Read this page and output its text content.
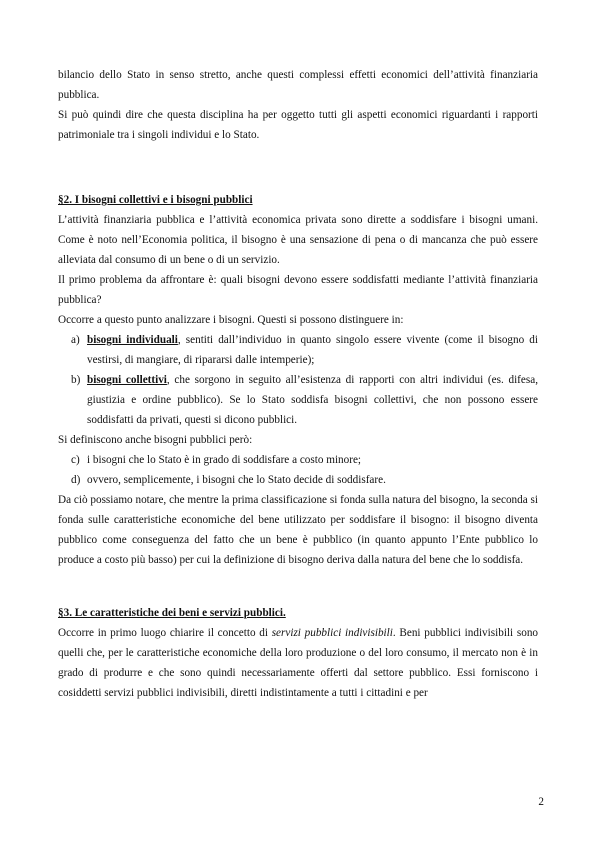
bilancio dello Stato in senso stretto, anche questi complessi effetti economici dell’attività finanziaria pubblica.

Si può quindi dire che questa disciplina ha per oggetto tutti gli aspetti economici riguardanti i rapporti patrimoniale tra i singoli individui e lo Stato.

§2. I bisogni collettivi e i bisogni pubblici

L’attività finanziaria pubblica e l’attività economica privata sono dirette a soddisfare i bisogni umani. Come è noto nell’Economia politica, il bisogno è una sensazione di pena o di mancanza che può essere alleviata dal consumo di un bene o di un servizio.

Il primo problema da affrontare è: quali bisogni devono essere soddisfatti mediante l’attività finanziaria pubblica?

Occorre a questo punto analizzare i bisogni. Questi si possono distinguere in:

a) bisogni individuali, sentiti dall’individuo in quanto singolo essere vivente (come il bisogno di vestirsi, di mangiare, di ripararsi dalle intemperie);
b) bisogni collettivi, che sorgono in seguito all’esistenza di rapporti con altri individui (es. difesa, giustizia e ordine pubblico). Se lo Stato soddisfa bisogni collettivi, che non possono essere soddisfatti da privati, questi si dicono pubblici.

Si definiscono anche bisogni pubblici però:

c) i bisogni che lo Stato è in grado di soddisfare a costo minore;
d) ovvero, semplicemente, i bisogni che lo Stato decide di soddisfare.

Da ciò possiamo notare, che mentre la prima classificazione si fonda sulla natura del bisogno, la seconda si fonda sulle caratteristiche economiche del bene utilizzato per soddisfare il bisogno: il bisogno diventa pubblico come conseguenza del fatto che un bene è pubblico (in quanto appunto l’Ente pubblico lo produce a costo più basso) per cui la definizione di bisogno deriva dalla natura del bene che lo soddisfa.

§3. Le caratteristiche dei beni e servizi pubblici.

Occorre in primo luogo chiarire il concetto di servizi pubblici indivisibili. Beni pubblici indivisibili sono quelli che, per le caratteristiche economiche della loro produzione o del loro consumo, il mercato non è in grado di produrre e che sono quindi necessariamente offerti dal settore pubblico. Essi forniscono i cosiddetti servizi pubblici indivisibili, diretti indistintamente a tutti i cittadini e per

2
